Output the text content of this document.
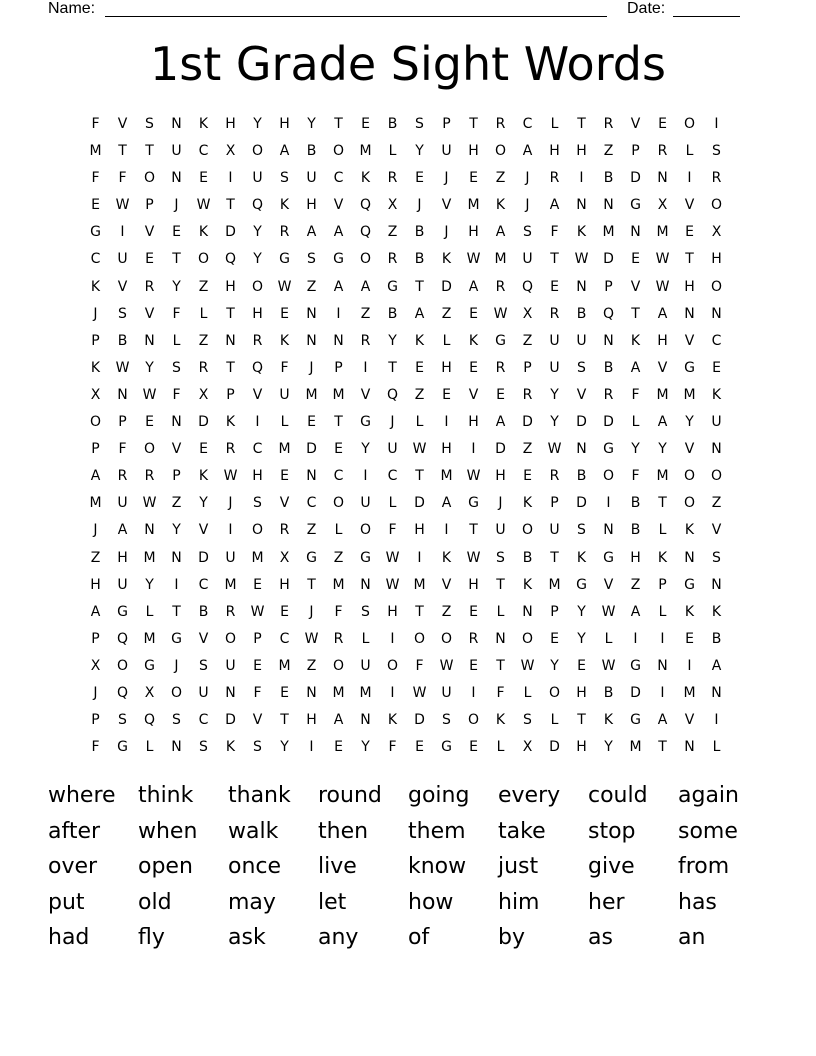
Name:	Date:
1st Grade Sight Words
F	V	S	N	K	H	Y	H	Y	T	E	B	S	P	T	R	C	L	T	R	V	E	O	I
M	T	T	U	C	X	O	A	B	O	M	L	Y	U	H	O	A	H	H	Z	P	R	L	S
F	F	O	N	E	I	U	S	U	C	K	R	E	J	E	Z	J	R	I	B	D	N	I	R
E	W	P	J	W	T	Q	K	H	V	Q	X	J	V	M	K	J	A	N	N	G	X	V	O
G	I	V	E	K	D	Y	R	A	A	Q	Z	B	J	H	A	S	F	K	M	N	M	E	X
C	U	E	T	O	Q	Y	G	S	G	O	R	B	K	W	M	U	T	W	D	E	W	T	H
K	V	R	Y	Z	H	O	W	Z	A	A	G	T	D	A	R	Q	E	N	P	V	W	H	O
J	S	V	F	L	T	H	E	N	I	Z	B	A	Z	E	W	X	R	B	Q	T	A	N	N
P	B	N	L	Z	N	R	K	N	N	R	Y	K	L	K	G	Z	U	U	N	K	H	V	C
K	W	Y	S	R	T	Q	F	J	P	I	T	E	H	E	R	P	U	S	B	A	V	G	E
X	N	W	F	X	P	V	U	M	M	V	Q	Z	E	V	E	R	Y	V	R	F	M	M	K
O	P	E	N	D	K	I	L	E	T	G	J	L	I	H	A	D	Y	D	D	L	A	Y	U
P	F	O	V	E	R	C	M	D	E	Y	U	W	H	I	D	Z	W	N	G	Y	Y	V	N
A	R	R	P	K	W	H	E	N	C	I	C	T	M	W	H	E	R	B	O	F	M	O	O
M	U	W	Z	Y	J	S	V	C	O	U	L	D	A	G	J	K	P	D	I	B	T	O	Z
J	A	N	Y	V	I	O	R	Z	L	O	F	H	I	T	U	O	U	S	N	B	L	K	V
Z	H	M	N	D	U	M	X	G	Z	G	W	I	K	W	S	B	T	K	G	H	K	N	S
H	U	Y	I	C	M	E	H	T	M	N	W	M	V	H	T	K	M	G	V	Z	P	G	N
A	G	L	T	B	R	W	E	J	F	S	H	T	Z	E	L	N	P	Y	W	A	L	K	K
P	Q	M	G	V	O	P	C	W	R	L	I	O	O	R	N	O	E	Y	L	I	I	E	B
X	O	G	J	S	U	E	M	Z	O	U	O	F	W	E	T	W	Y	E	W	G	N	I	A
J	Q	X	O	U	N	F	E	N	M	M	I	W	U	I	F	L	O	H	B	D	I	M	N
P	S	Q	S	C	D	V	T	H	A	N	K	D	S	O	K	S	L	T	K	G	A	V	I
F	G	L	N	S	K	S	Y	I	E	Y	F	E	G	E	L	X	D	H	Y	M	T	N	L
where	think	thank	round	going	every	could	again
after	when	walk	then	them	take	stop	some
over	open	once	live	know	just	give	from
put	old	may	let	how	him	her	has
had	fly	ask	any	of	by	as	an
